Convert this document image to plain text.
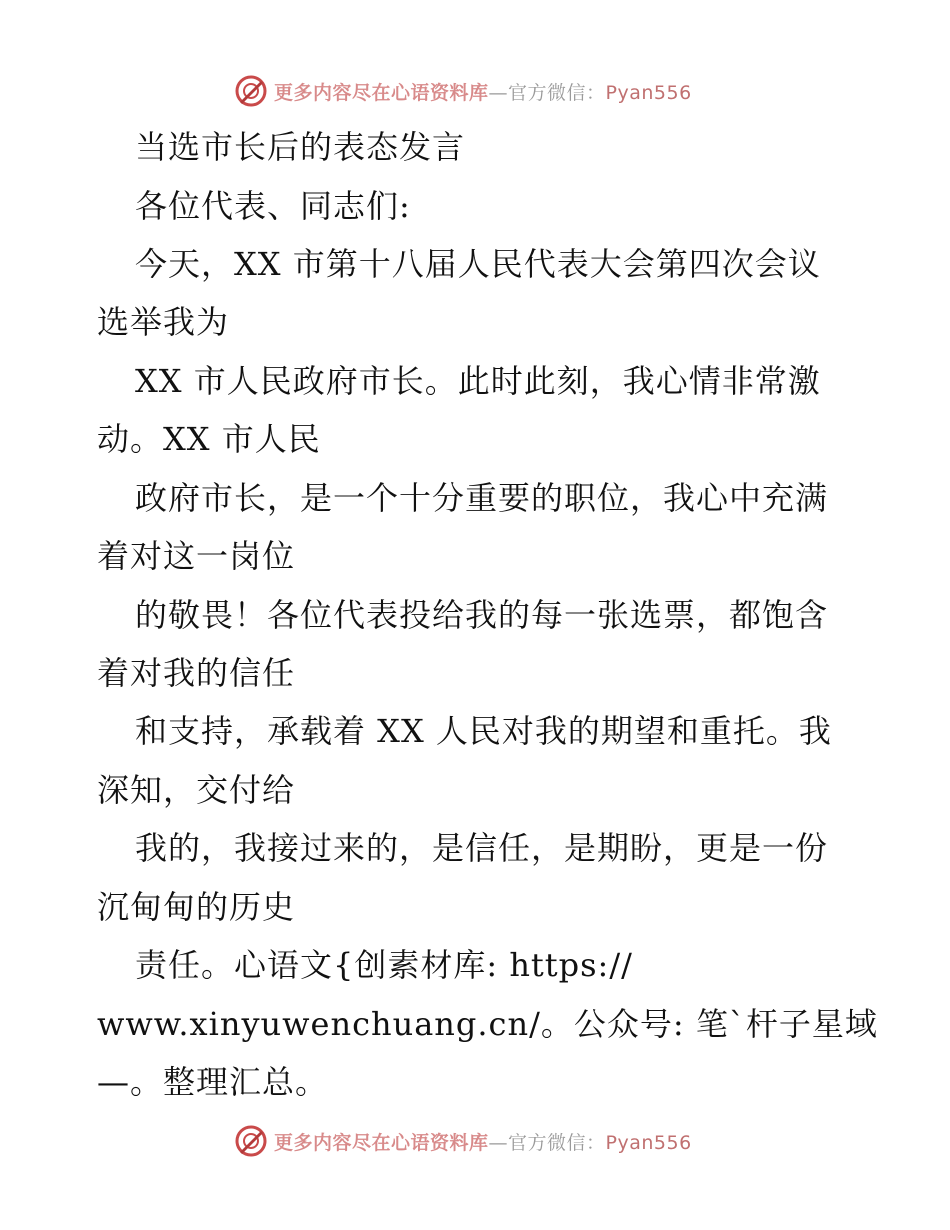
更多内容尽在心语资料库—官方微信：Pyan556
当选市长后的表态发言
各位代表、同志们:
今天，XX 市第十八届人民代表大会第四次会议
选举我为
XX 市人民政府市长。此时此刻，我心情非常激
动。XX 市人民
政府市长，是一个十分重要的职位，我心中充满
着对这一岗位
的敬畏！各位代表投给我的每一张选票，都饱含
着对我的信任
和支持，承载着 XX 人民对我的期望和重托。我
深知，交付给
我的，我接过来的，是信任，是期盼，更是一份
沉甸甸的历史
责任。心语文{创素材库: https://
www.xinyuwenchuang.cn/。公众号: 笔`杆子星域
—。整理汇总。
更多内容尽在心语资料库—官方微信：Pyan556
